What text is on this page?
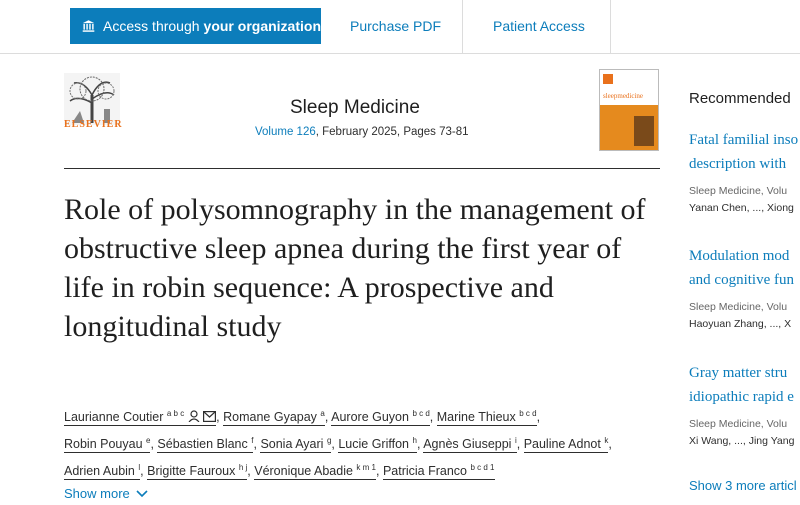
Access through your organization Purchase PDF	Patient Access
ELSEVIER
Sleep Medicine
Volume 126, February 2025, Pages 73-81
sleepmedicine
Role of polysomnography in the management of obstructive sleep apnea during the first year of life in robin sequence: A prospective and longitudinal study
Laurianne Coutier $^{a b c}$	, Romane Gyapay $^a$, Aurore Guyon $^{b c d}$, Marine Thieux $^{b c d}$,
Robin Pouyau $^e$, Sébastien Blanc $^f$, Sonia Ayari $^g$, Lucie Griffon $^h$, Agnès Giuseppi $^i$, Pauline Adnot $^k$,
Adrien Aubin $^l$, Brigitte Fauroux $^{h j}$, Véronique Abadie $^{k m 1}$, Patricia Franco $^{b c d 1}$
Show more
Recommended
Fatal familial inso
description with
Sleep Medicine, Volu
Yanan Chen, ..., Xiong
Modulation mod
and cognitive fun
Sleep Medicine, Volu
Haoyuan Zhang, ..., X
Gray matter stru
idiopathic rapid e
Sleep Medicine, Volu
Xi Wang, ..., Jing Yang
Show 3 more articl
